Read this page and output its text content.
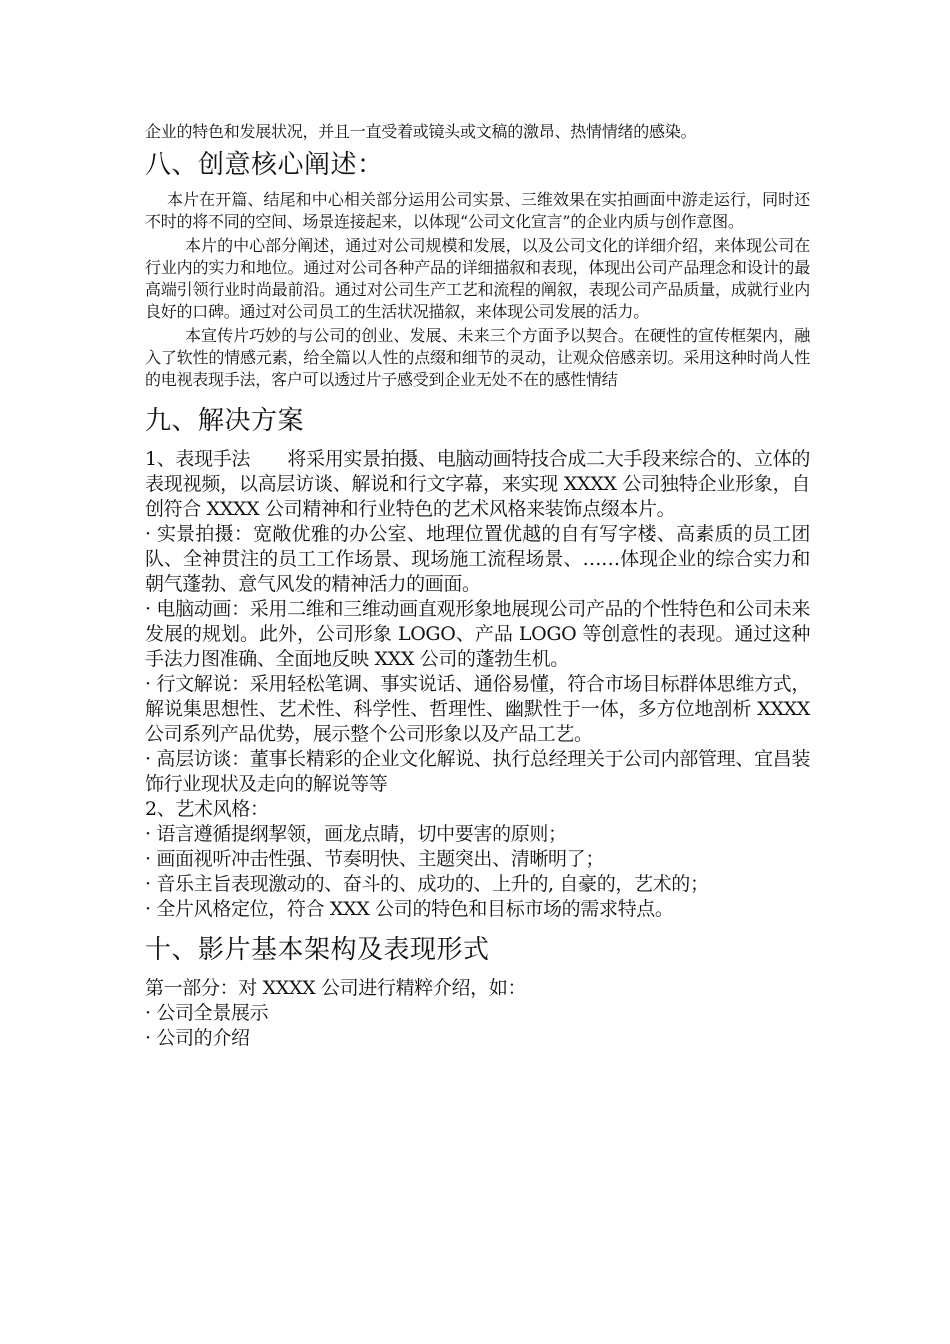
企业的特色和发展状况，并且一直受着或镜头或文稿的激昂、热情情绪的感染。

八、创意核心阐述：

本片在开篇、结尾和中心相关部分运用公司实景、三维效果在实拍画面中游走运行，同时还不时的将不同的空间、场景连接起来，以体现“公司文化宣言”的企业内质与创作意图。

本片的中心部分阐述，通过对公司规模和发展，以及公司文化的详细介绍，来体现公司在行业内的实力和地位。通过对公司各种产品的详细描叙和表现，体现出公司产品理念和设计的最高端引领行业时尚最前沿。通过对公司生产工艺和流程的阐叙，表现公司产品质量，成就行业内良好的口碑。通过对公司员工的生活状况描叙，来体现公司发展的活力。

本宣传片巧妙的与公司的创业、发展、未来三个方面予以契合。在硬性的宣传框架内，融入了软性的情感元素，给全篇以人性的点缀和细节的灵动，让观众倍感亲切。采用这种时尚人性的电视表现手法，客户可以透过片子感受到企业无处不在的感性情结

九、解决方案

1、表现手法　　将采用实景拍摄、电脑动画特技合成二大手段来综合的、立体的表现视频，以高层访谈、解说和行文字幕，来实现 XXXX 公司独特企业形象，自创符合 XXXX 公司精神和行业特色的艺术风格来装饰点缀本片。

· 实景拍摄：宽敞优雅的办公室、地理位置优越的自有写字楼、高素质的员工团队、全神贯注的员工工作场景、现场施工流程场景、……体现企业的综合实力和朝气蓬勃、意气风发的精神活力的画面。

· 电脑动画：采用二维和三维动画直观形象地展现公司产品的个性特色和公司未来发展的规划。此外，公司形象 LOGO、产品 LOGO 等创意性的表现。通过这种手法力图准确、全面地反映 XXX 公司的蓬勃生机。

· 行文解说：采用轻松笔调、事实说话、通俗易懂，符合市场目标群体思维方式，解说集思想性、艺术性、科学性、哲理性、幽默性于一体，多方位地剖析 XXXX 公司系列产品优势，展示整个公司形象以及产品工艺。

· 高层访谈：董事长精彩的企业文化解说、执行总经理关于公司内部管理、宜昌装饰行业现状及走向的解说等等

2、艺术风格：

· 语言遵循提纲挈领，画龙点睛，切中要害的原则；

· 画面视听冲击性强、节奏明快、主题突出、清晰明了；

· 音乐主旨表现激动的、奋斗的、成功的、上升的, 自豪的，艺术的；

· 全片风格定位，符合 XXX 公司的特色和目标市场的需求特点。

十、影片基本架构及表现形式

第一部分：对 XXXX 公司进行精粹介绍，如：

· 公司全景展示

· 公司的介绍
